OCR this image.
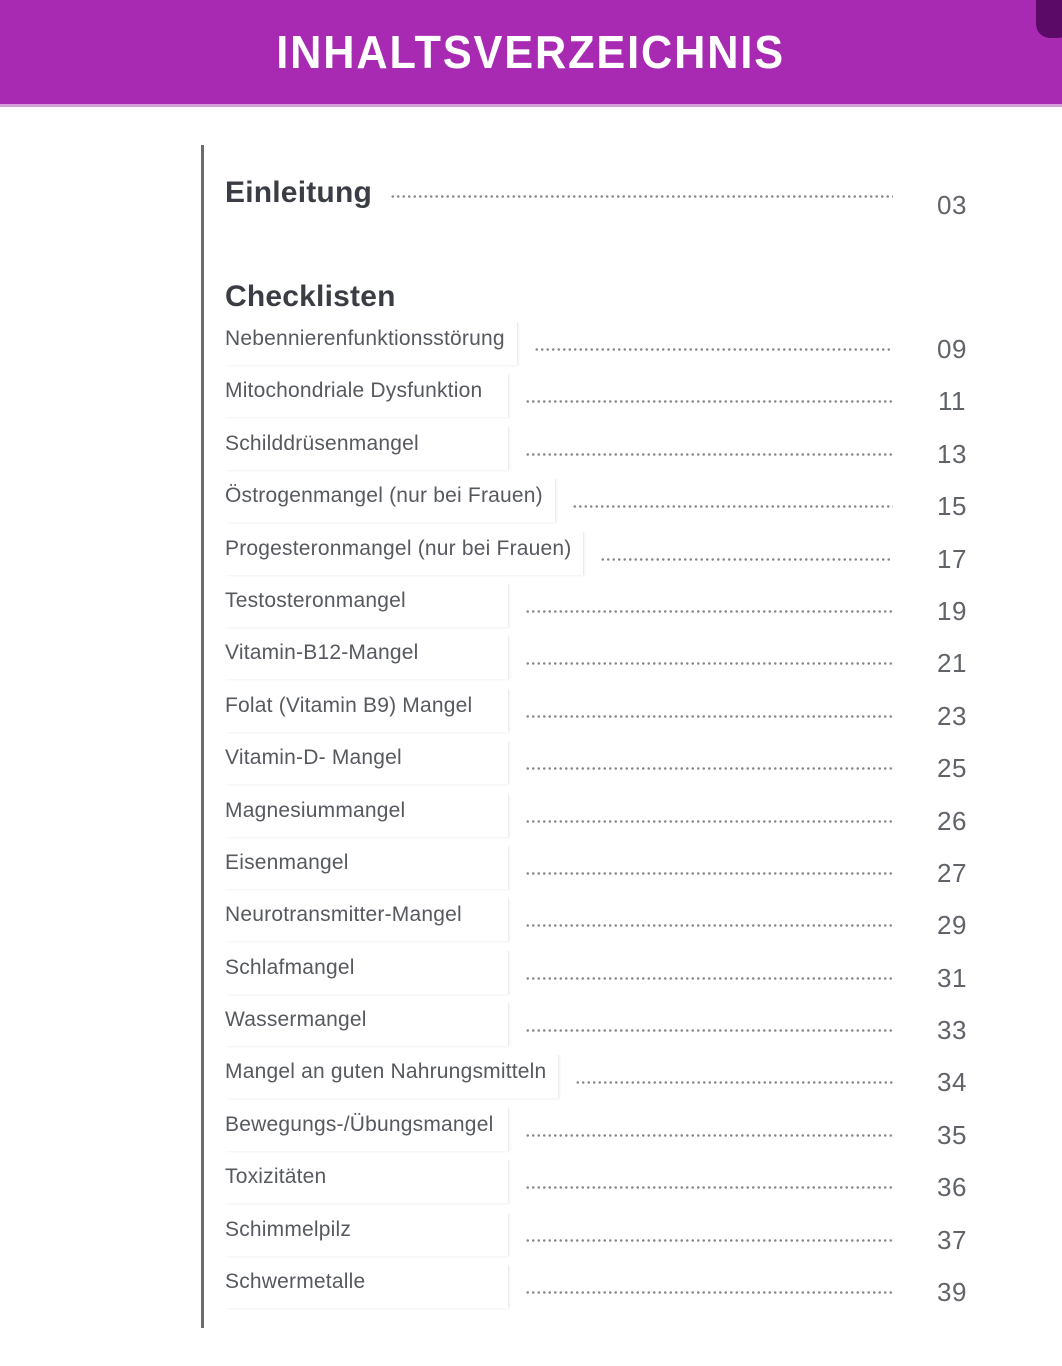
INHALTSVERZEICHNIS
Einleitung	03
Checklisten
Nebennierenfunktionsstörung	09
Mitochondriale Dysfunktion	11
Schilddrüsenmangel	13
Östrogenmangel (nur bei Frauen)	15
Progesteronmangel (nur bei Frauen)	17
Testosteronmangel	19
Vitamin-B12-Mangel	21
Folat (Vitamin B9) Mangel	23
Vitamin-D- Mangel	25
Magnesiummangel	26
Eisenmangel	27
Neurotransmitter-Mangel	29
Schlafmangel	31
Wassermangel	33
Mangel an guten Nahrungsmitteln	34
Bewegungs-/Übungsmangel	35
Toxizitäten	36
Schimmelpilz	37
Schwermetalle	39
